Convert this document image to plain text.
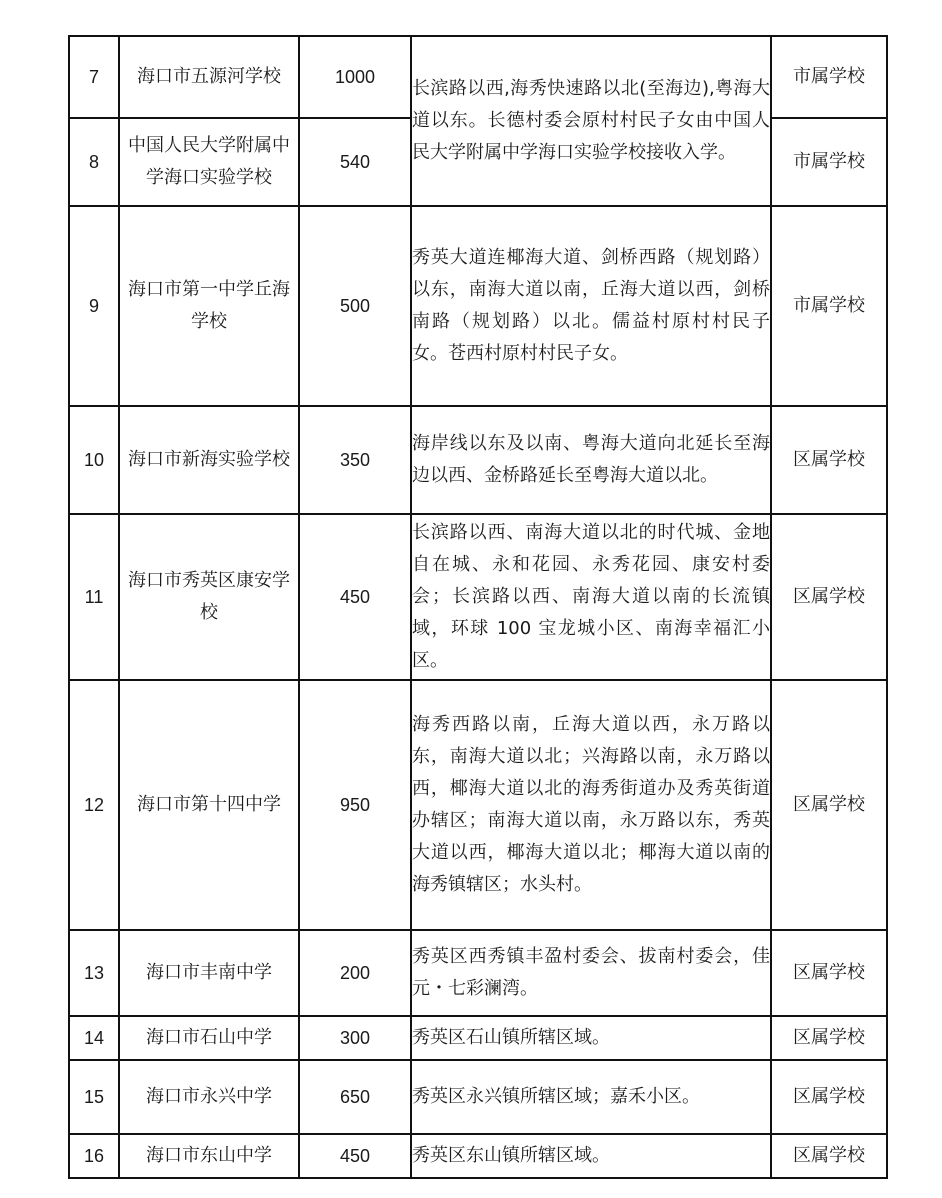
7	海口市五源河学校	1000	长滨路以西,海秀快速路以北(至海边),粤海大道以东。长德村委会原村村民子女由中国人民大学附属中学海口实验学校接收入学。	市属学校
8	中国人民大学附属中学海口实验学校	540		市属学校
9	海口市第一中学丘海学校	500	秀英大道连椰海大道、剑桥西路（规划路）以东，南海大道以南，丘海大道以西，剑桥南路（规划路）以北。儒益村原村村民子女。苍西村原村村民子女。	市属学校
10	海口市新海实验学校	350	海岸线以东及以南、粤海大道向北延长至海边以西、金桥路延长至粤海大道以北。	区属学校
11	海口市秀英区康安学校	450	长滨路以西、南海大道以北的时代城、金地自在城、永和花园、永秀花园、康安村委会；长滨路以西、南海大道以南的长流镇域，环球 100 宝龙城小区、南海幸福汇小区。	区属学校
12	海口市第十四中学	950	海秀西路以南，丘海大道以西，永万路以东，南海大道以北；兴海路以南，永万路以西，椰海大道以北的海秀街道办及秀英街道办辖区；南海大道以南，永万路以东，秀英大道以西，椰海大道以北；椰海大道以南的海秀镇辖区；水头村。	区属学校
13	海口市丰南中学	200	秀英区西秀镇丰盈村委会、拔南村委会，佳元・七彩澜湾。	区属学校
14	海口市石山中学	300	秀英区石山镇所辖区域。	区属学校
15	海口市永兴中学	650	秀英区永兴镇所辖区域；嘉禾小区。	区属学校
16	海口市东山中学	450	秀英区东山镇所辖区域。	区属学校
